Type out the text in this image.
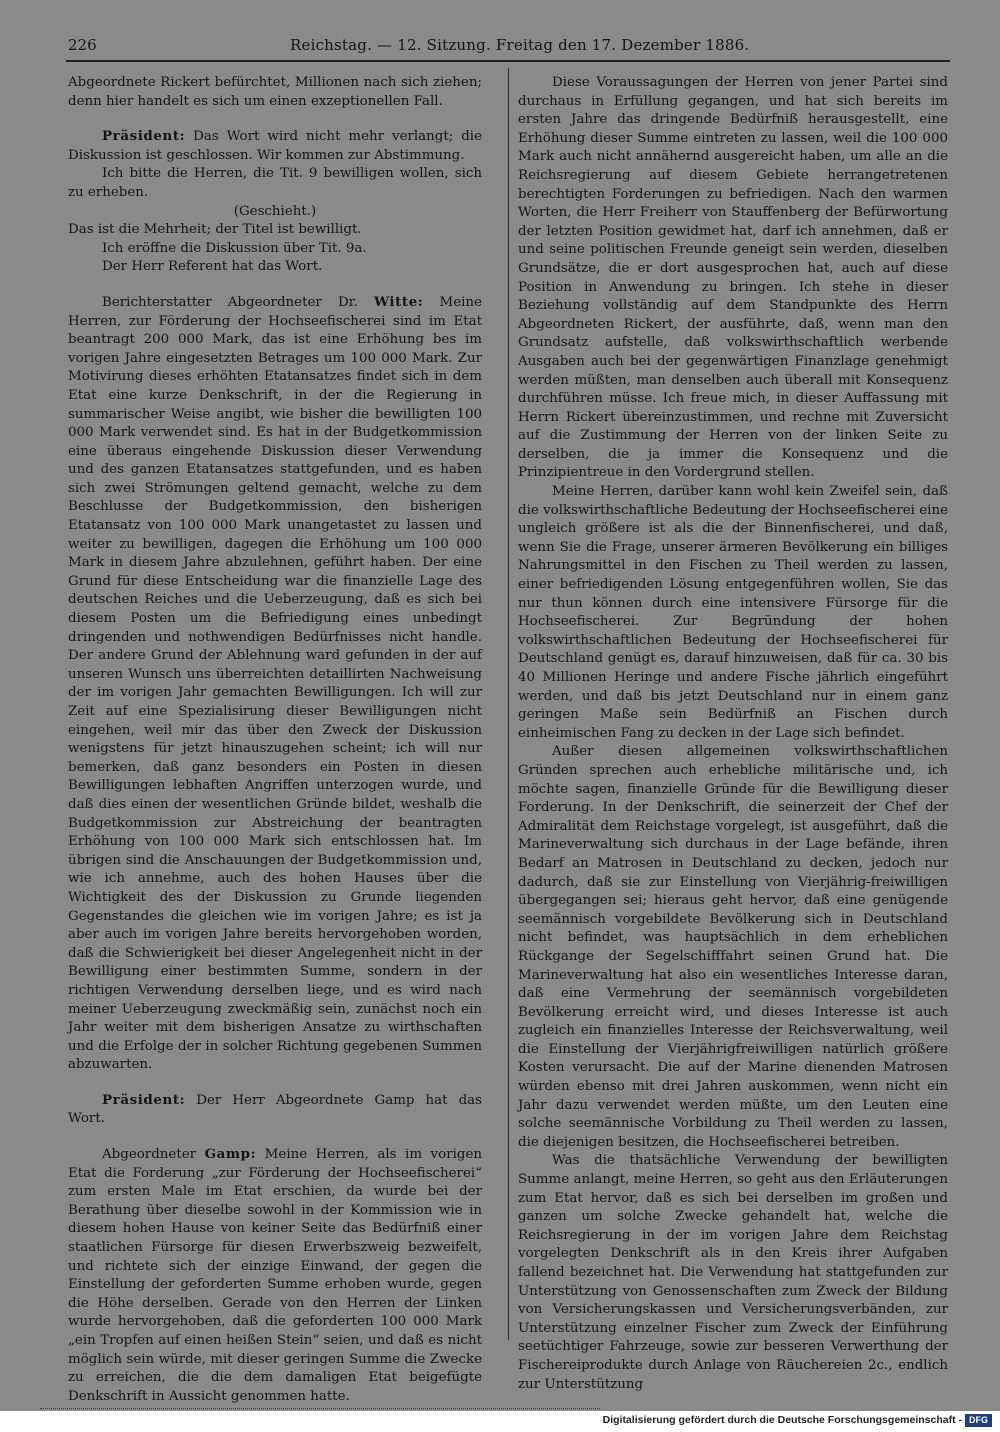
226	Reichstag. — 12. Sitzung. Freitag den 17. Dezember 1886.

Abgeordnete Rickert befürchtet, Millionen nach sich ziehen; denn hier handelt es sich um einen exzeptionellen Fall.

Präsident: Das Wort wird nicht mehr verlangt; die Diskussion ist geschlossen. Wir kommen zur Abstimmung.

Ich bitte die Herren, die Tit. 9 bewilligen wollen, sich zu erheben.

(Geschieht.)

Das ist die Mehrheit; der Titel ist bewilligt.

Ich eröffne die Diskussion über Tit. 9a.

Der Herr Referent hat das Wort.

Berichterstatter Abgeordneter Dr. Witte: Meine Herren, zur Förderung der Hochseefischerei sind im Etat beantragt 200 000 Mark, das ist eine Erhöhung bes im vorigen Jahre eingesetzten Betrages um 100 000 Mark. Zur Motivirung dieses erhöhten Etatansatzes findet sich in dem Etat eine kurze Denkschrift, in der die Regierung in summarischer Weise angibt, wie bisher die bewilligten 100 000 Mark verwendet sind. Es hat in der Budgetkommission eine überaus eingehende Diskussion dieser Verwendung und des ganzen Etatansatzes stattgefunden, und es haben sich zwei Strömungen geltend gemacht, welche zu dem Beschlusse der Budgetkommission, den bisherigen Etatansatz von 100 000 Mark unangetastet zu lassen und weiter zu bewilligen, dagegen die Erhöhung um 100 000 Mark in diesem Jahre abzulehnen, geführt haben. Der eine Grund für diese Entscheidung war die finanzielle Lage des deutschen Reiches und die Ueberzeugung, daß es sich bei diesem Posten um die Befriedigung eines unbedingt dringenden und nothwendigen Bedürfnisses nicht handle. Der andere Grund der Ablehnung ward gefunden in der auf unseren Wunsch uns überreichten detaillirten Nachweisung der im vorigen Jahr gemachten Bewilligungen. Ich will zur Zeit auf eine Spezialisirung dieser Bewilligungen nicht eingehen, weil mir das über den Zweck der Diskussion wenigstens für jetzt hinauszugehen scheint; ich will nur bemerken, daß ganz besonders ein Posten in diesen Bewilligungen lebhaften Angriffen unterzogen wurde, und daß dies einen der wesentlichen Gründe bildet, weshalb die Budgetkommission zur Abstreichung der beantragten Erhöhung von 100 000 Mark sich entschlossen hat. Im übrigen sind die Anschauungen der Budgetkommission und, wie ich annehme, auch des hohen Hauses über die Wichtigkeit des der Diskussion zu Grunde liegenden Gegenstandes die gleichen wie im vorigen Jahre; es ist ja aber auch im vorigen Jahre bereits hervorgehoben worden, daß die Schwierigkeit bei dieser Angelegenheit nicht in der Bewilligung einer bestimmten Summe, sondern in der richtigen Verwendung derselben liege, und es wird nach meiner Ueberzeugung zweckmäßig sein, zunächst noch ein Jahr weiter mit dem bisherigen Ansatze zu wirthschaften und die Erfolge der in solcher Richtung gegebenen Summen abzuwarten.

Präsident: Der Herr Abgeordnete Gamp hat das Wort.

Abgeordneter Gamp: Meine Herren, als im vorigen Etat die Forderung „zur Förderung der Hochseefischerei“ zum ersten Male im Etat erschien, da wurde bei der Berathung über dieselbe sowohl in der Kommission wie in diesem hohen Hause von keiner Seite das Bedürfniß einer staatlichen Fürsorge für diesen Erwerbszweig bezweifelt, und richtete sich der einzige Einwand, der gegen die Einstellung der geforderten Summe erhoben wurde, gegen die Höhe derselben. Gerade von den Herren der Linken wurde hervorgehoben, daß die geforderten 100 000 Mark „ein Tropfen auf einen heißen Stein“ seien, und daß es nicht möglich sein würde, mit dieser geringen Summe die Zwecke zu erreichen, die die dem damaligen Etat beigefügte Denkschrift in Aussicht genommen hatte.

Diese Voraussagungen der Herren von jener Partei sind durchaus in Erfüllung gegangen, und hat sich bereits im ersten Jahre das dringende Bedürfniß herausgestellt, eine Erhöhung dieser Summe eintreten zu lassen, weil die 100 000 Mark auch nicht annähernd ausgereicht haben, um alle an die Reichsregierung auf diesem Gebiete herrangetretenen berechtigten Forderungen zu befriedigen. Nach den warmen Worten, die Herr Freiherr von Stauffenberg der Befürwortung der letzten Position gewidmet hat, darf ich annehmen, daß er und seine politischen Freunde geneigt sein werden, dieselben Grundsätze, die er dort ausgesprochen hat, auch auf diese Position in Anwendung zu bringen. Ich stehe in dieser Beziehung vollständig auf dem Standpunkte des Herrn Abgeordneten Rickert, der ausführte, daß, wenn man den Grundsatz aufstelle, daß volkswirthschaftlich werbende Ausgaben auch bei der gegenwärtigen Finanzlage genehmigt werden müßten, man denselben auch überall mit Konsequenz durchführen müsse. Ich freue mich, in dieser Auffassung mit Herrn Rickert übereinzustimmen, und rechne mit Zuversicht auf die Zustimmung der Herren von der linken Seite zu derselben, die ja immer die Konsequenz und die Prinzipientreue in den Vordergrund stellen.

Meine Herren, darüber kann wohl kein Zweifel sein, daß die volkswirthschaftliche Bedeutung der Hochseefischerei eine ungleich größere ist als die der Binnenfischerei, und daß, wenn Sie die Frage, unserer ärmeren Bevölkerung ein billiges Nahrungsmittel in den Fischen zu Theil werden zu lassen, einer befriedigenden Lösung entgegenführen wollen, Sie das nur thun können durch eine intensivere Fürsorge für die Hochseefischerei. Zur Begründung der hohen volkswirthschaftlichen Bedeutung der Hochseefischerei für Deutschland genügt es, darauf hinzuweisen, daß für ca. 30 bis 40 Millionen Heringe und andere Fische jährlich eingeführt werden, und daß bis jetzt Deutschland nur in einem ganz geringen Maße sein Bedürfniß an Fischen durch einheimischen Fang zu decken in der Lage sich befindet.

Außer diesen allgemeinen volkswirthschaftlichen Gründen sprechen auch erhebliche militärische und, ich möchte sagen, finanzielle Gründe für die Bewilligung dieser Forderung. In der Denkschrift, die seinerzeit der Chef der Admiralität dem Reichstage vorgelegt, ist ausgeführt, daß die Marineverwaltung sich durchaus in der Lage befände, ihren Bedarf an Matrosen in Deutschland zu decken, jedoch nur dadurch, daß sie zur Einstellung von Vierjährig-freiwilligen übergegangen sei; hieraus geht hervor, daß eine genügende seemännisch vorgebildete Bevölkerung sich in Deutschland nicht befindet, was hauptsächlich in dem erheblichen Rückgange der Segelschifffahrt seinen Grund hat. Die Marineverwaltung hat also ein wesentliches Interesse daran, daß eine Vermehrung der seemännisch vorgebildeten Bevölkerung erreicht wird, und dieses Interesse ist auch zugleich ein finanzielles Interesse der Reichsverwaltung, weil die Einstellung der Vierjährigfreiwilligen natürlich größere Kosten verursacht. Die auf der Marine dienenden Matrosen würden ebenso mit drei Jahren auskommen, wenn nicht ein Jahr dazu verwendet werden müßte, um den Leuten eine solche seemännische Vorbildung zu Theil werden zu lassen, die diejenigen besitzen, die Hochseefischerei betreiben.

Was die thatsächliche Verwendung der bewilligten Summe anlangt, meine Herren, so geht aus den Erläuterungen zum Etat hervor, daß es sich bei derselben im großen und ganzen um solche Zwecke gehandelt hat, welche die Reichsregierung in der im vorigen Jahre dem Reichstag vorgelegten Denkschrift als in den Kreis ihrer Aufgaben fallend bezeichnet hat. Die Verwendung hat stattgefunden zur Unterstützung von Genossenschaften zum Zweck der Bildung von Versicherungskassen und Versicherungsverbänden, zur Unterstützung einzelner Fischer zum Zweck der Einführung seetüchtiger Fahrzeuge, sowie zur besseren Verwerthung der Fischereiprodukte durch Anlage von Räuchereien 2c., endlich zur Unterstützung

Digitalisierung gefördert durch die Deutsche Forschungsgemeinschaft - DFG
